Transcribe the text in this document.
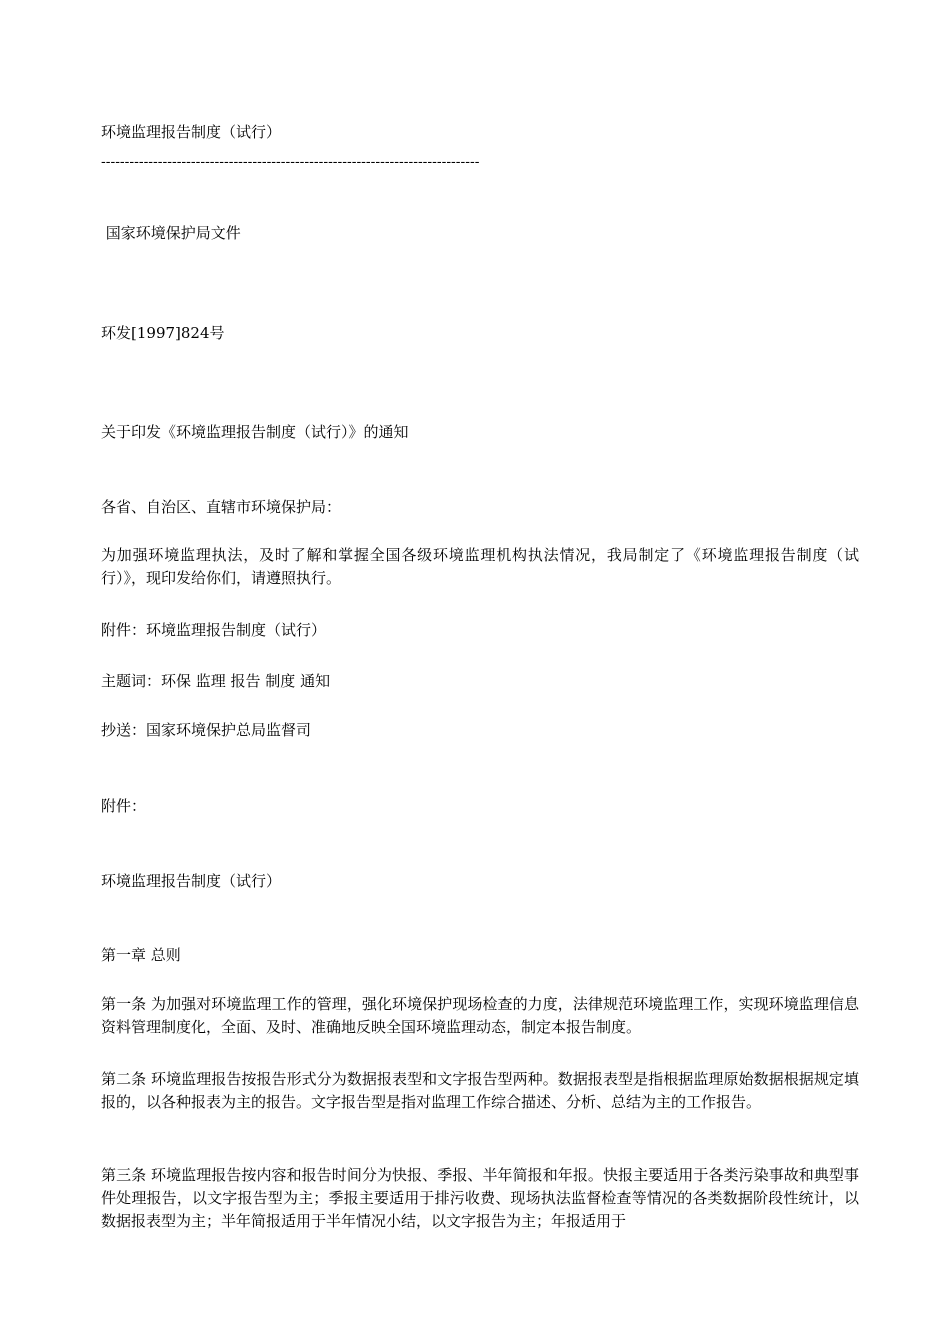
环境监理报告制度（试行）
--------------------------------------------------------------------------------
国家环境保护局文件
环发[1997]824号
关于印发《环境监理报告制度（试行）》的通知
各省、自治区、直辖市环境保护局：
为加强环境监理执法，及时了解和掌握全国各级环境监理机构执法情况，我局制定了《环境监理报告制度（试行）》，现印发给你们，请遵照执行。
附件：环境监理报告制度（试行）
主题词：环保 监理 报告 制度 通知
抄送：国家环境保护总局监督司
附件：
环境监理报告制度（试行）
第一章 总则
第一条 为加强对环境监理工作的管理，强化环境保护现场检查的力度，法律规范环境监理工作，实现环境监理信息资料管理制度化，全面、及时、准确地反映全国环境监理动态，制定本报告制度。
第二条 环境监理报告按报告形式分为数据报表型和文字报告型两种。数据报表型是指根据监理原始数据根据规定填报的，以各种报表为主的报告。文字报告型是指对监理工作综合描述、分析、总结为主的工作报告。
第三条 环境监理报告按内容和报告时间分为快报、季报、半年简报和年报。快报主要适用于各类污染事故和典型事件处理报告，以文字报告型为主；季报主要适用于排污收费、现场执法监督检查等情况的各类数据阶段性统计，以数据报表型为主；半年简报适用于半年情况小结，以文字报告为主；年报适用于
